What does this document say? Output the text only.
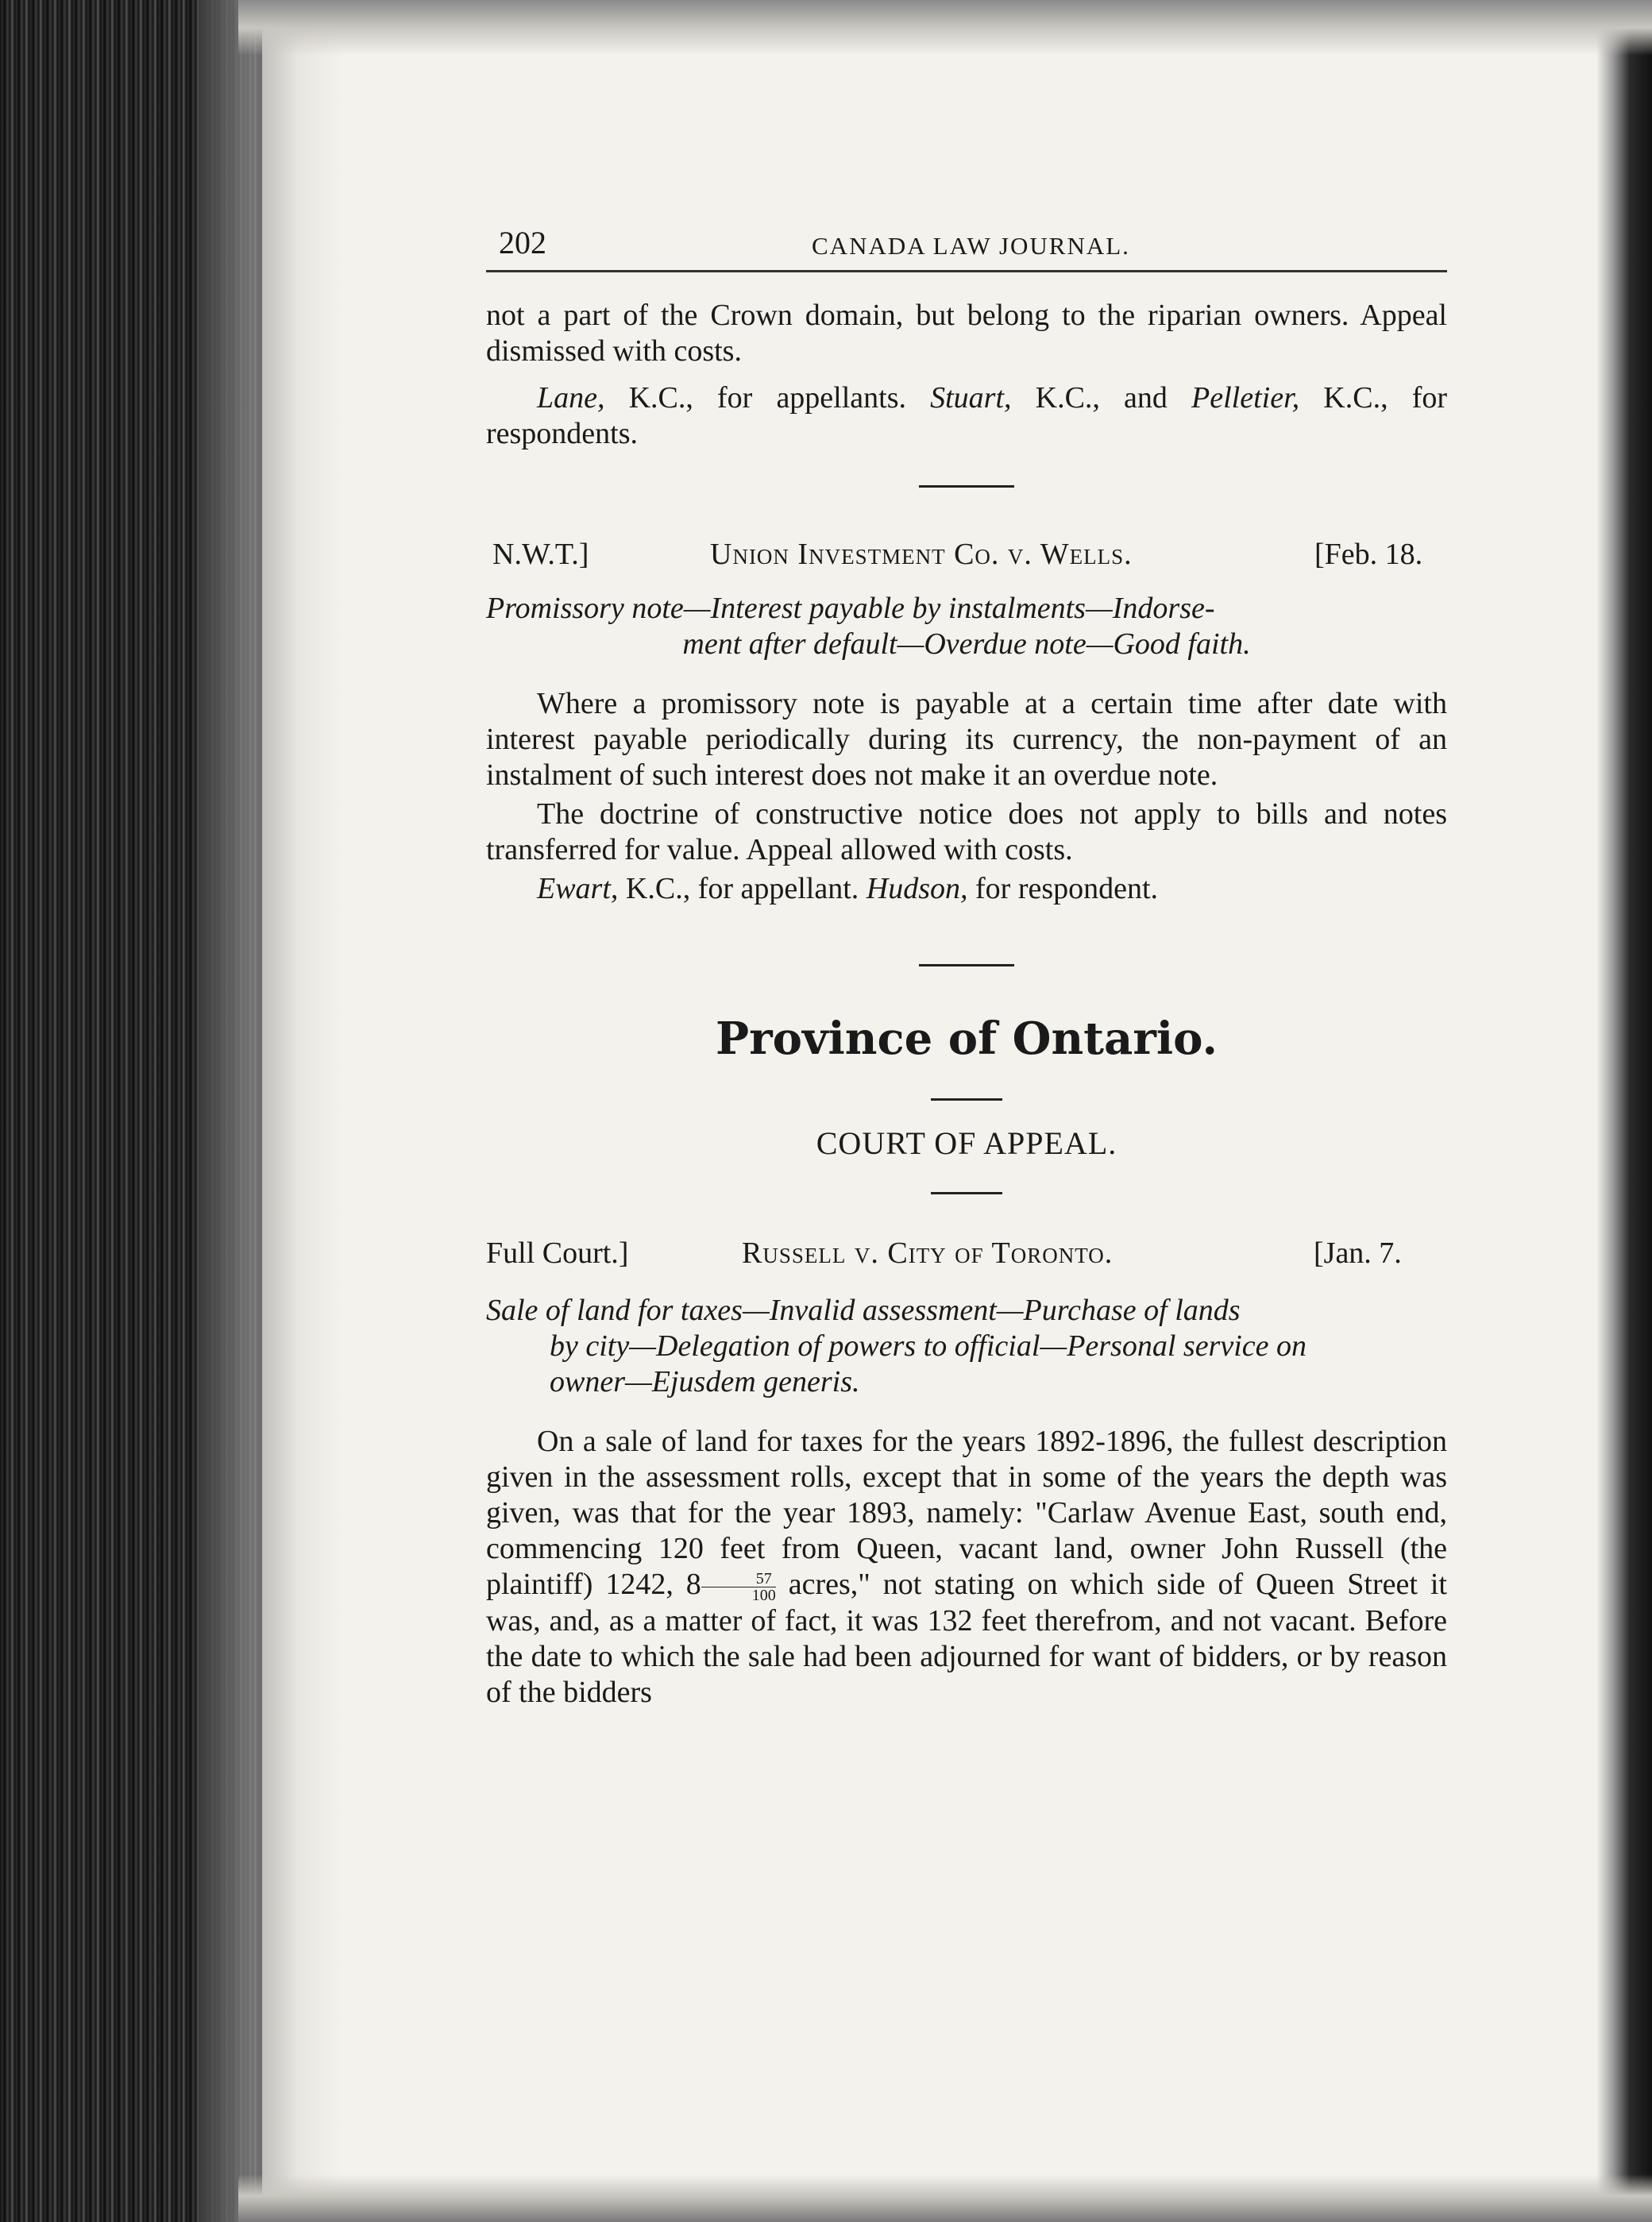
202	CANADA LAW JOURNAL.

not a part of the Crown domain, but belong to the riparian owners. Appeal dismissed with costs.

Lane, K.C., for appellants. Stuart, K.C., and Pelletier, K.C., for respondents.

N.W.T.]	Union Investment Co. v. Wells.	[Feb. 18.
Promissory note—Interest payable by instalments—Indorse-
ment after default—Overdue note—Good faith.

Where a promissory note is payable at a certain time after date with interest payable periodically during its currency, the non-payment of an instalment of such interest does not make it an overdue note.

The doctrine of constructive notice does not apply to bills and notes transferred for value. Appeal allowed with costs.

Ewart, K.C., for appellant. Hudson, for respondent.

Province of Ontario.
COURT OF APPEAL.
Full Court.]	Russell v. City of Toronto.	[Jan. 7.
Sale of land for taxes—Invalid assessment—Purchase of lands
by city—Delegation of powers to official—Personal service on
owner—Ejusdem generis.

On a sale of land for taxes for the years 1892-1896, the fullest description given in the assessment rolls, except that in some of the years the depth was given, was that for the year 1893, namely: "Carlaw Avenue East, south end, commencing 120 feet from Queen, vacant land, owner John Russell (the plaintiff) 1242, $8 \frac{57}{100}$ acres," not stating on which side of Queen Street it was, and, as a matter of fact, it was 132 feet therefrom, and not vacant. Before the date to which the sale had been adjourned for want of bidders, or by reason of the bidders
